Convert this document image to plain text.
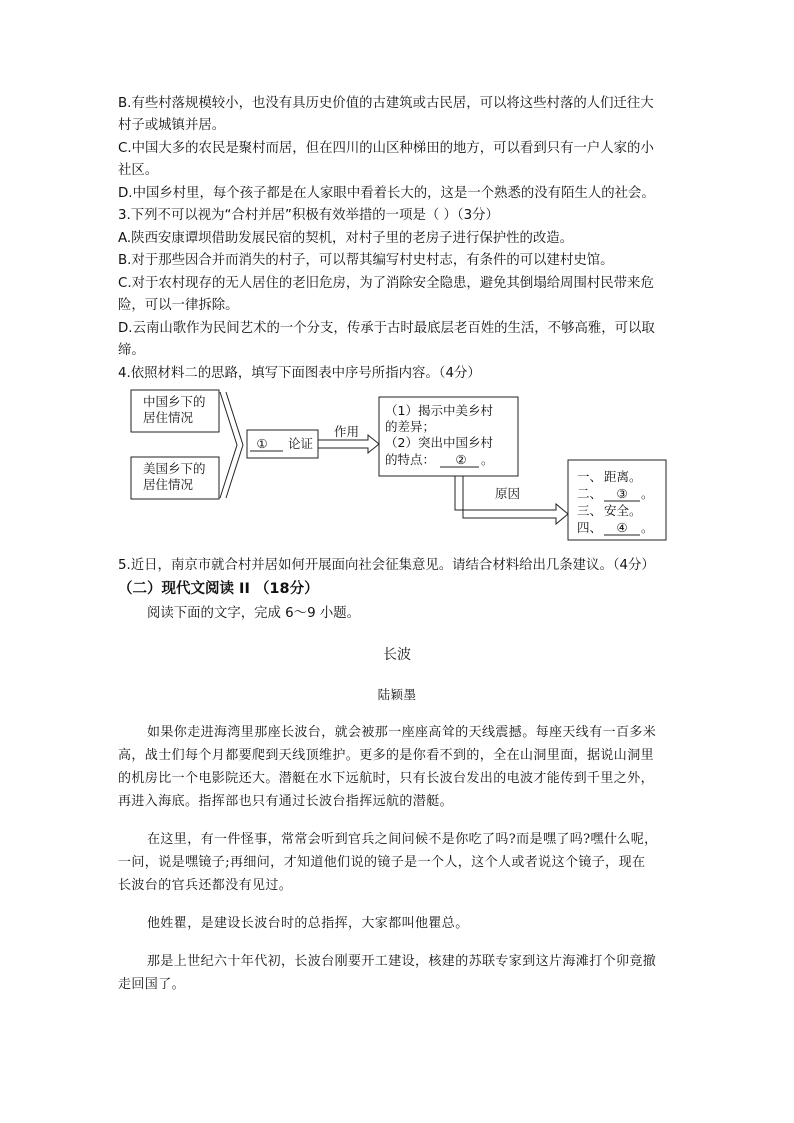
B.有些村落规模较小，也没有具历史价值的古建筑或古民居，可以将这些村落的人们迁往大
村子或城镇并居。
C.中国大多的农民是聚村而居，但在四川的山区种梯田的地方，可以看到只有一户人家的小
社区。
D.中国乡村里，每个孩子都是在人家眼中看着长大的，这是一个熟悉的没有陌生人的社会。
3.下列不可以视为“合村并居”积极有效举措的一项是（ ）（3分）
A.陕西安康谭坝借助发展民宿的契机，对村子里的老房子进行保护性的改造。
B.对于那些因合并而消失的村子，可以帮其编写村史村志，有条件的可以建村史馆。
C.对于农村现存的无人居住的老旧危房，为了消除安全隐患，避免其倒塌给周围村民带来危
险，可以一律拆除。
D.云南山歌作为民间艺术的一个分支，传承于古时最底层老百姓的生活，不够高雅，可以取
缔。
4.依照材料二的思路，填写下面图表中序号所指内容。（4分）
中国乡下的
居住情况
美国乡下的
居住情况
① 论证
作用
（1）揭示中美乡村
的差异；
（2）突出中国乡村
的特点： ② 。
原因
一、 距离。
二、 ③ 。
三、 安全。
四、 ④ 。
5.近日，南京市就合村并居如何开展面向社会征集意见。请结合材料给出几条建议。（4分）
（二）现代文阅读 II （18分）
阅读下面的文字，完成 6～9 小题。
长波
陆颖墨
如果你走进海湾里那座长波台，就会被那一座座高耸的天线震撼。每座天线有一百多米
高，战士们每个月都要爬到天线顶维护。更多的是你看不到的，全在山洞里面，据说山洞里
的机房比一个电影院还大。潜艇在水下远航时，只有长波台发出的电波才能传到千里之外，
再进入海底。指挥部也只有通过长波台指挥远航的潜艇。
在这里，有一件怪事，常常会听到官兵之间问候不是你吃了吗?而是嘿了吗?嘿什么呢，
一问，说是嘿镜子;再细问，才知道他们说的镜子是一个人，这个人或者说这个镜子，现在
长波台的官兵还都没有见过。
他姓瞿，是建设长波台时的总指挥，大家都叫他瞿总。
那是上世纪六十年代初，长波台刚要开工建设，核建的苏联专家到这片海滩打个卯竟撤
走回国了。
